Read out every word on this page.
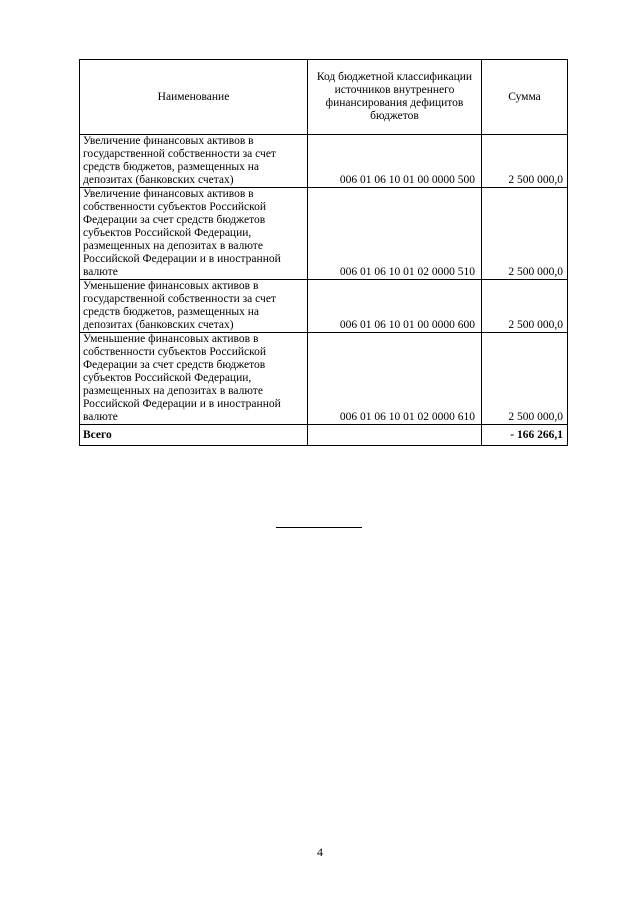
Наименование	Код бюджетной классификации источников внутреннего финансирования дефицитов бюджетов	Сумма
Увеличение финансовых активов в государственной собственности за счет средств бюджетов, размещенных на депозитах (банковских счетах)	006 01 06 10 01 00 0000 500	2 500 000,0
Увеличение финансовых активов в собственности субъектов Российской Федерации за счет средств бюджетов субъектов Российской Федерации, размещенных на депозитах в валюте Российской Федерации и в иностранной валюте	006 01 06 10 01 02 0000 510	2 500 000,0
Уменьшение финансовых активов в государственной собственности за счет средств бюджетов, размещенных на депозитах (банковских счетах)	006 01 06 10 01 00 0000 600	2 500 000,0
Уменьшение финансовых активов в собственности субъектов Российской Федерации за счет средств бюджетов субъектов Российской Федерации, размещенных на депозитах в валюте Российской Федерации и в иностранной валюте	006 01 06 10 01 02 0000 610	2 500 000,0
Всего		- 166 266,1
4
